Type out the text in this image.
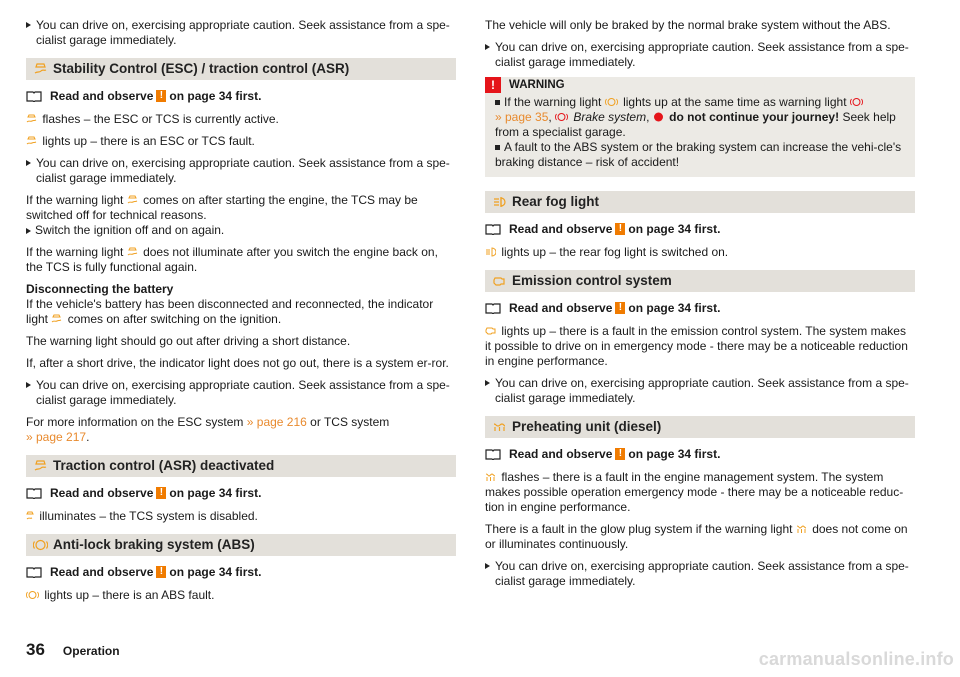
You can drive on, exercising appropriate caution. Seek assistance from a spe-cialist garage immediately.
Stability Control (ESC) / traction control (ASR)
Read and observe ! on page 34 first.

flashes – the ESC or TCS is currently active.

lights up – there is an ESC or TCS fault.

You can drive on, exercising appropriate caution. Seek assistance from a spe-cialist garage immediately.

If the warning light comes on after starting the engine, the TCS may be switched off for technical reasons.
Switch the ignition off and on again.

If the warning light does not illuminate after you switch the engine back on, the TCS is fully functional again.

Disconnecting the battery
If the vehicle's battery has been disconnected and reconnected, the indicator light comes on after switching on the ignition.

The warning light should go out after driving a short distance.

If, after a short drive, the indicator light does not go out, there is a system er-ror.

You can drive on, exercising appropriate caution. Seek assistance from a spe-cialist garage immediately.

For more information on the ESC system » page 216 or TCS system
» page 217.

Traction control (ASR) deactivated
Read and observe ! on page 34 first.

illuminates – the TCS system is disabled.

Anti-lock braking system (ABS)
Read and observe ! on page 34 first.

lights up – there is an ABS fault.

The vehicle will only be braked by the normal brake system without the ABS.

You can drive on, exercising appropriate caution. Seek assistance from a spe-cialist garage immediately.
!	WARNING
If the warning light lights up at the same time as warning light
» page 35,  Brake system,  do not continue your journey! Seek help from a specialist garage.
A fault to the ABS system or the braking system can increase the vehi-cle's braking distance – risk of accident!
Rear fog light
Read and observe ! on page 34 first.

lights up – the rear fog light is switched on.

Emission control system
Read and observe ! on page 34 first.

lights up – there is a fault in the emission control system. The system makes it possible to drive on in emergency mode - there may be a noticeable reduction in engine performance.

You can drive on, exercising appropriate caution. Seek assistance from a spe-cialist garage immediately.
Preheating unit (diesel)
Read and observe ! on page 34 first.

flashes – there is a fault in the engine management system. The system makes possible operation emergency mode - there may be a noticeable reduc-tion in engine performance.

There is a fault in the glow plug system if the warning light does not come on or illuminates continuously.

You can drive on, exercising appropriate caution. Seek assistance from a spe-cialist garage immediately.
36 Operation	carmanualsonline.info
